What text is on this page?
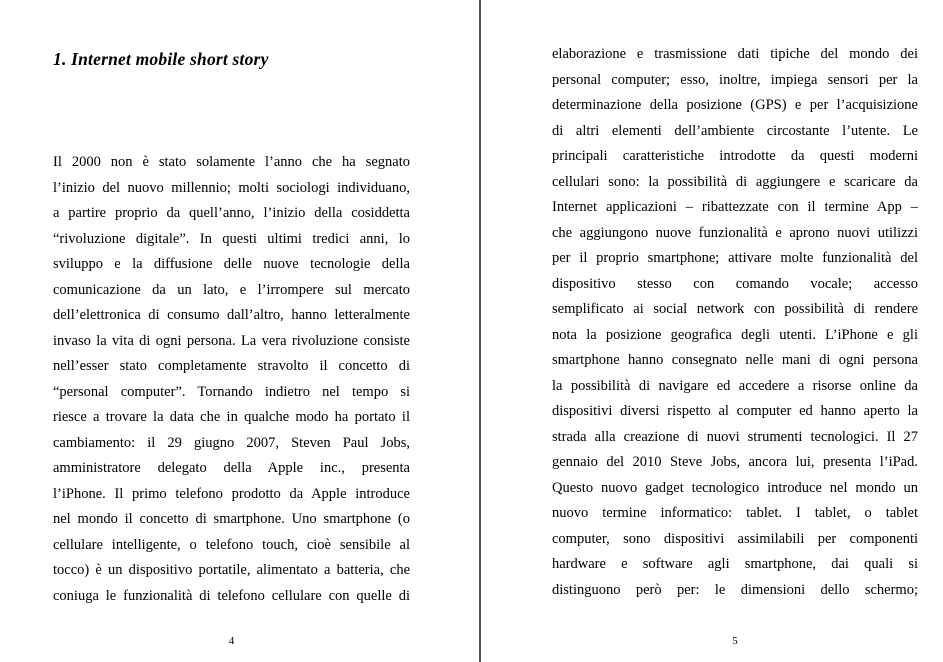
1. Internet mobile short story
Il 2000 non è stato solamente l’anno che ha segnato
l’inizio del nuovo millennio; molti sociologi individuano,
a partire proprio da quell’anno, l’inizio della cosiddetta
“rivoluzione digitale”. In questi ultimi tredici anni, lo
sviluppo e la diffusione delle nuove tecnologie della
comunicazione da un lato, e l’irrompere sul mercato
dell’elettronica di consumo dall’altro, hanno letteralmente
invaso la vita di ogni persona. La vera rivoluzione consiste
nell’esser stato completamente stravolto il concetto di
“personal computer”. Tornando indietro nel tempo si
riesce a trovare la data che in qualche modo ha portato il
cambiamento: il 29 giugno 2007, Steven Paul Jobs,
amministratore delegato della Apple inc., presenta
l’iPhone. Il primo telefono prodotto da Apple introduce
nel mondo il concetto di smartphone. Uno smartphone (o
cellulare intelligente, o telefono touch, cioè sensibile al
tocco) è un dispositivo portatile, alimentato a batteria, che
coniuga le funzionalità di telefono cellulare con quelle di
4
elaborazione e trasmissione dati tipiche del mondo dei
personal computer; esso, inoltre, impiega sensori per la
determinazione della posizione (GPS) e per l’acquisizione
di altri elementi dell’ambiente circostante l’utente. Le
principali caratteristiche introdotte da questi moderni
cellulari sono: la possibilità di aggiungere e scaricare da
Internet applicazioni – ribattezzate con il termine App –
che aggiungono nuove funzionalità e aprono nuovi utilizzi
per il proprio smartphone; attivare molte funzionalità del
dispositivo stesso con comando vocale; accesso
semplificato ai social network con possibilità di rendere
nota la posizione geografica degli utenti. L’iPhone e gli
smartphone hanno consegnato nelle mani di ogni persona
la possibilità di navigare ed accedere a risorse online da
dispositivi diversi rispetto al computer ed hanno aperto la
strada alla creazione di nuovi strumenti tecnologici. Il 27
gennaio del 2010 Steve Jobs, ancora lui, presenta l’iPad.
Questo nuovo gadget tecnologico introduce nel mondo un
nuovo termine informatico: tablet. I tablet, o tablet
computer, sono dispositivi assimilabili per componenti
hardware e software agli smartphone, dai quali si
distinguono però per: le dimensioni dello schermo;
5
